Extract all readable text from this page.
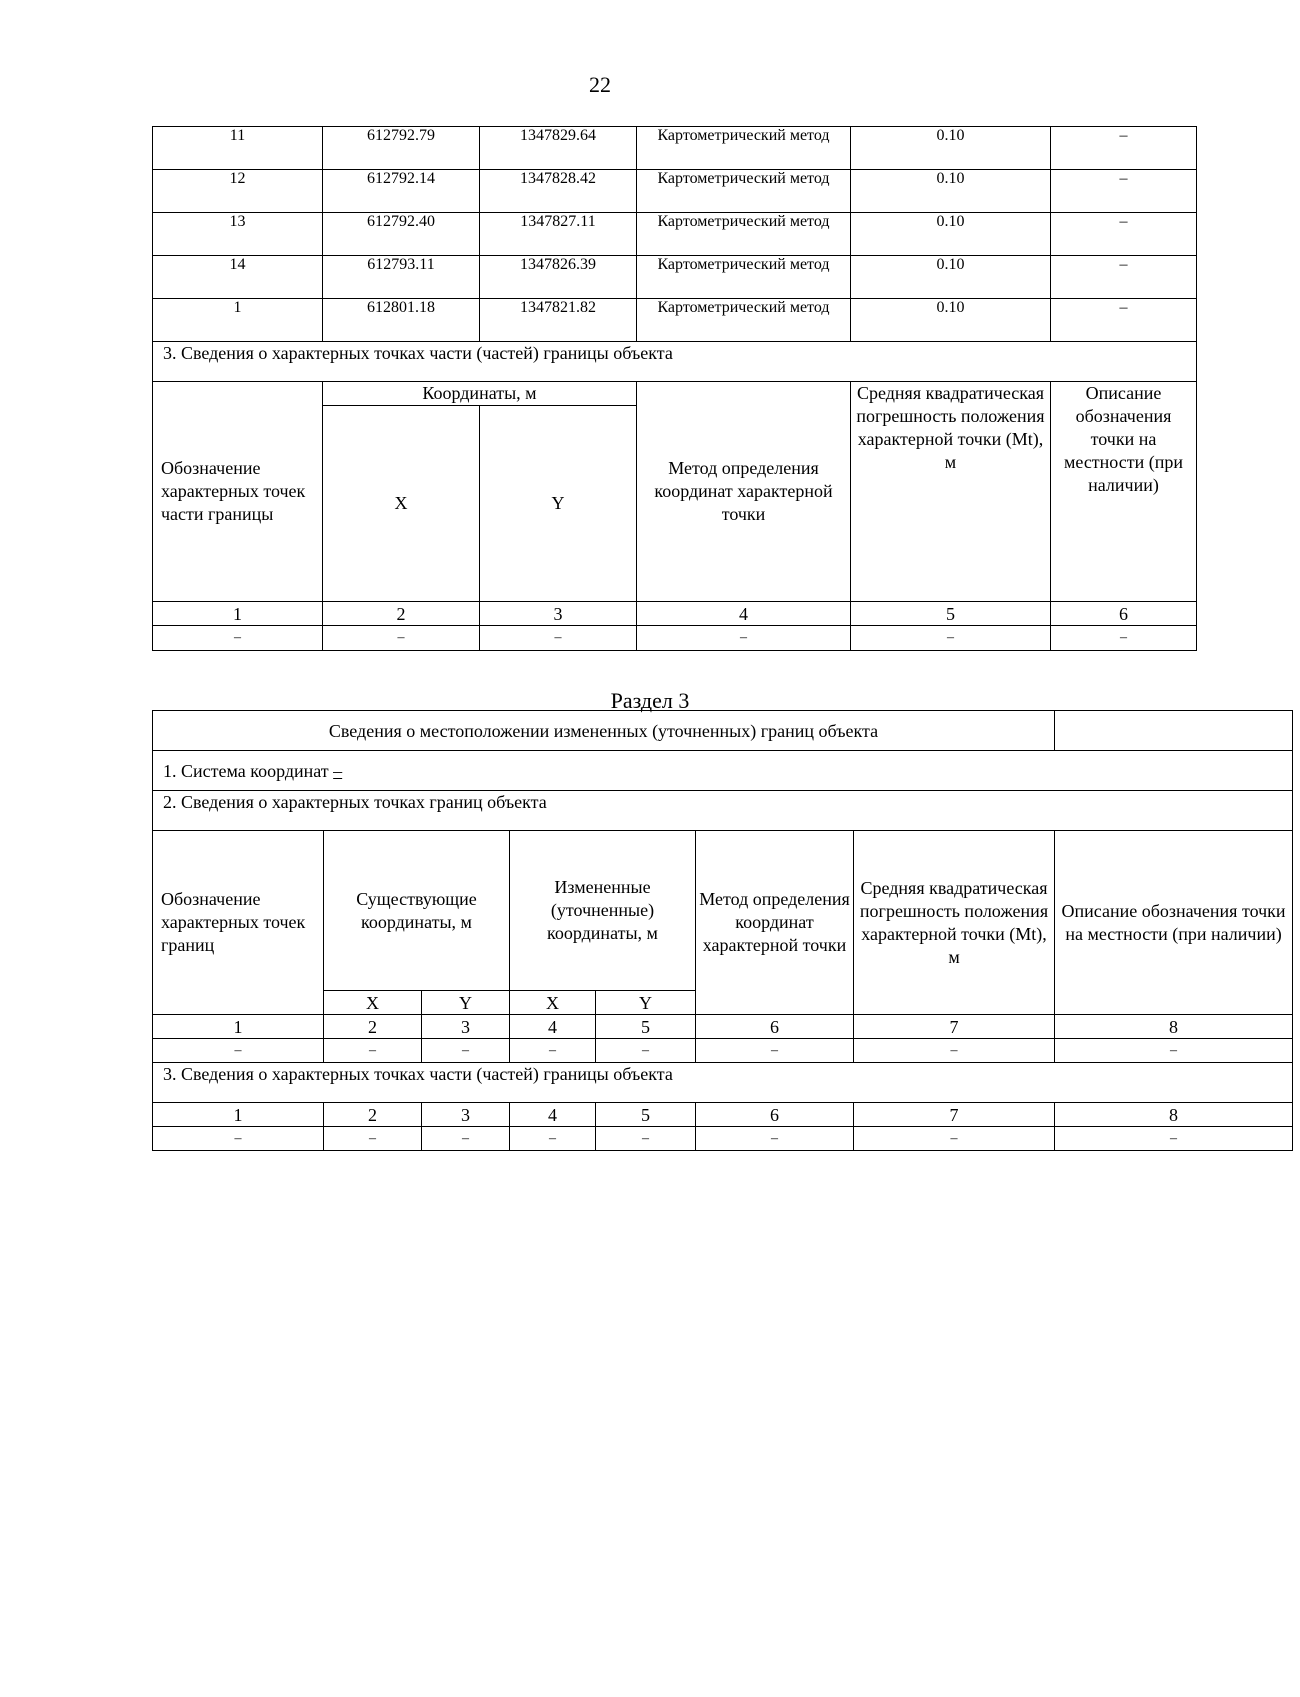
22
11	612792.79	1347829.64	Картометрический метод	0.10	–
12	612792.14	1347828.42	Картометрический метод	0.10	–
13	612792.40	1347827.11	Картометрический метод	0.10	–
14	612793.11	1347826.39	Картометрический метод	0.10	–
1	612801.18	1347821.82	Картометрический метод	0.10	–
3. Сведения о характерных точках части (частей) границы объекта					
Обозначение характерных точек части границы	Координаты, м		Метод определения координат характерной точки	Средняя квадратическая погрешность положения характерной точки (Mt), м	Описание обозначения точки на местности (при наличии)
	X	Y			
1	2	3	4	5	6
–	–	–	–	–	–
Раздел 3
Сведения о местоположении измененных (уточненных) границ объекта							
1. Система координат –							
2. Сведения о характерных точках границ объекта							
Обозначение характерных точек границ	Существующие координаты, м		Измененные (уточненные) координаты, м		Метод определения координат характерной точки	Средняя квадратическая погрешность положения характерной точки (Mt), м	Описание обозначения точки на местности (при наличии)
	X	Y	X	Y			
1	2	3	4	5	6	7	8
–	–	–	–	–	–	–	–
3. Сведения о характерных точках части (частей) границы объекта							
1	2	3	4	5	6	7	8
–	–	–	–	–	–	–	–
